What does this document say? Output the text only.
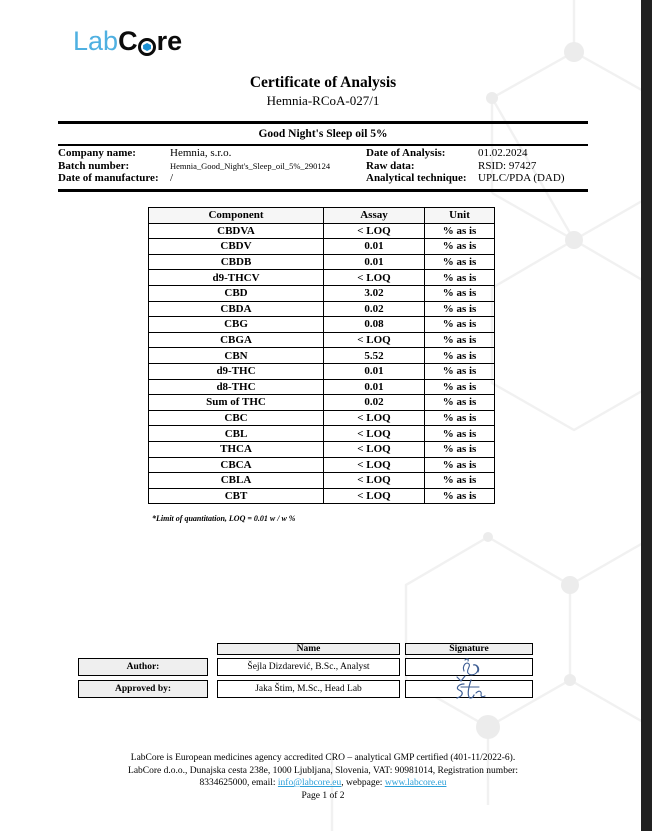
LabC re
Certificate of Analysis
Hemnia-RCoA-027/1
Good Night's Sleep oil 5%
Company name:	Hemnia, s.r.o.
Batch number:	Hemnia_Good_Night's_Sleep_oil_5%_290124
Date of manufacture:	/
Date of Analysis:	01.02.2024
Raw data:	RSID: 97427
Analytical technique:	UPLC/PDA (DAD)
Component	Assay	Unit
CBDVA	< LOQ	% as is
CBDV	0.01	% as is
CBDB	0.01	% as is
d9-THCV	< LOQ	% as is
CBD	3.02	% as is
CBDA	0.02	% as is
CBG	0.08	% as is
CBGA	< LOQ	% as is
CBN	5.52	% as is
d9-THC	0.01	% as is
d8-THC	0.01	% as is
Sum of THC	0.02	% as is
CBC	< LOQ	% as is
CBL	< LOQ	% as is
THCA	< LOQ	% as is
CBCA	< LOQ	% as is
CBLA	< LOQ	% as is
CBT	< LOQ	% as is
*Limit of quantitation, LOQ = 0.01 w / w %
Name	Signature
Author:	Šejla Dizdarević, B.Sc., Analyst
Approved by:	Jaka Štim, M.Sc., Head Lab
LabCore is European medicines agency accredited CRO – analytical GMP certified (401-11/2022-6).
LabCore d.o.o., Dunajska cesta 238e, 1000 Ljubljana, Slovenia, VAT: 90981014, Registration number:
8334625000, email: info@labcore.eu, webpage: www.labcore.eu
Page 1 of 2
